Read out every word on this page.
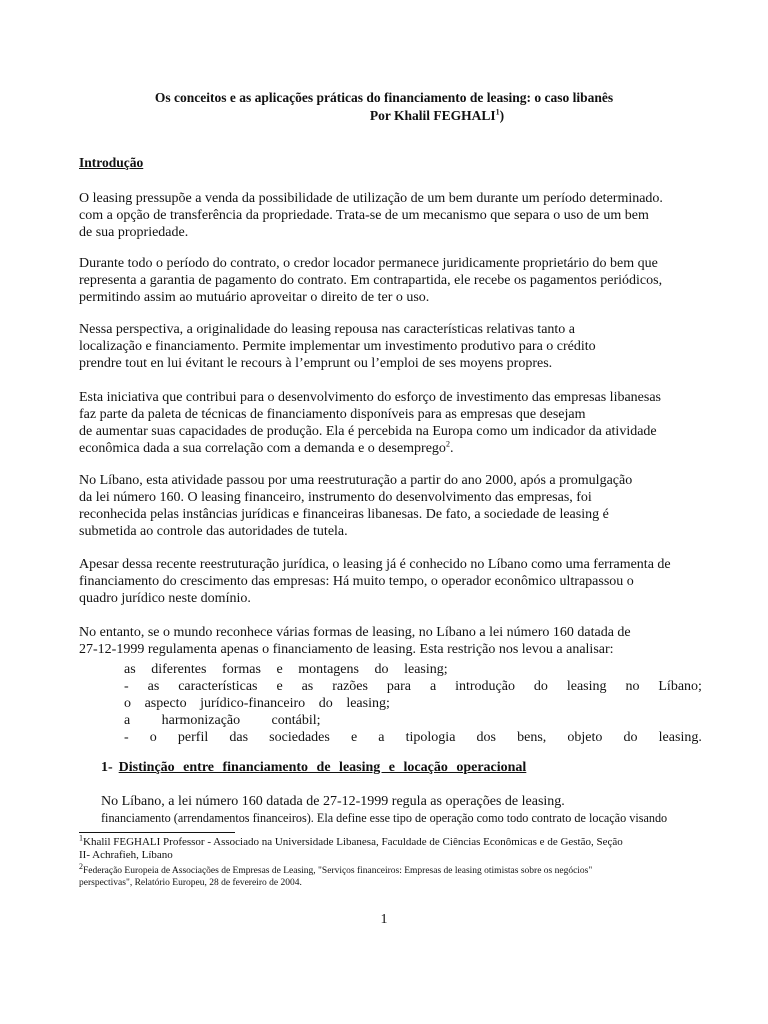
Os conceitos e as aplicações práticas do financiamento de leasing: o caso libanês
Por Khalil FEGHALI$^1$)
Introdução
O leasing pressupõe a venda da possibilidade de utilização de um bem durante um período determinado.
com a opção de transferência da propriedade. Trata-se de um mecanismo que separa o uso de um bem
de sua propriedade.
Durante todo o período do contrato, o credor locador permanece juridicamente proprietário do bem que
representa a garantia de pagamento do contrato. Em contrapartida, ele recebe os pagamentos periódicos,
permitindo assim ao mutuário aproveitar o direito de ter o uso.
Nessa perspectiva, a originalidade do leasing repousa nas características relativas tanto a
localização e financiamento. Permite implementar um investimento produtivo para o crédito
prendre tout en lui évitant le recours à l’emprunt ou l’emploi de ses moyens propres.
Esta iniciativa que contribui para o desenvolvimento do esforço de investimento das empresas libanesas
faz parte da paleta de técnicas de financiamento disponíveis para as empresas que desejam
de aumentar suas capacidades de produção. Ela é percebida na Europa como um indicador da atividade
econômica dada a sua correlação com a demanda e o desemprego$^2$.
No Líbano, esta atividade passou por uma reestruturação a partir do ano 2000, após a promulgação
da lei número 160. O leasing financeiro, instrumento do desenvolvimento das empresas, foi
reconhecida pelas instâncias jurídicas e financeiras libanesas. De fato, a sociedade de leasing é
submetida ao controle das autoridades de tutela.
Apesar dessa recente reestruturação jurídica, o leasing já é conhecido no Líbano como uma ferramenta de
financiamento do crescimento das empresas: Há muito tempo, o operador econômico ultrapassou o
quadro jurídico neste domínio.
No entanto, se o mundo reconhece várias formas de leasing, no Líbano a lei número 160 datada de
27-12-1999 regulamenta apenas o financiamento de leasing. Esta restrição nos levou a analisar:
as diferentes formas e montagens do leasing;
- as características e as razões para a introdução do leasing no Líbano;
o aspecto jurídico-financeiro do leasing;
a harmonização contábil;
- o perfil das sociedades e a tipologia dos bens, objeto do leasing.
1- Distinção entre financiamento de leasing e locação operacional
No Líbano, a lei número 160 datada de 27-12-1999 regula as operações de leasing.
financiamento (arrendamentos financeiros). Ela define esse tipo de operação como todo contrato de locação visando
$^1$Khalil FEGHALI Professor - Associado na Universidade Libanesa, Faculdade de Ciências Econômicas e de Gestão, Seção
II- Achrafieh, Líbano
$^2$Federação Europeia de Associações de Empresas de Leasing, "Serviços financeiros: Empresas de leasing otimistas sobre os negócios"
perspectivas", Relatório Europeu, 28 de fevereiro de 2004.
1
